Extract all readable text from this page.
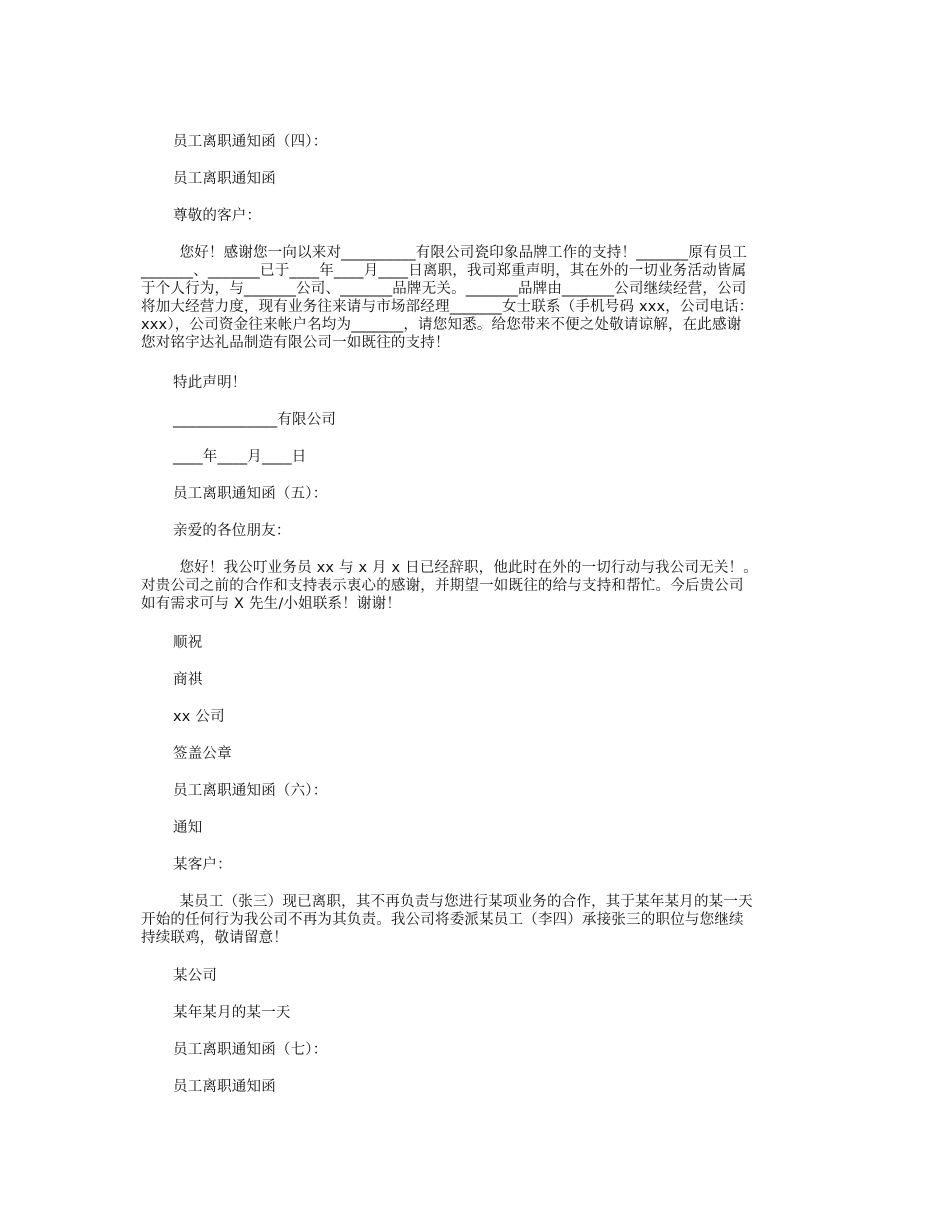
员工离职通知函（四）：
员工离职通知函
尊敬的客户：
您好！感谢您一向以来对__________有限公司瓷印象品牌工作的支持！_______原有员工
_______、_______已于____年____月____日离职，我司郑重声明，其在外的一切业务活动皆属
于个人行为，与_______公司、_______品牌无关。_______品牌由_______公司继续经营，公司
将加大经营力度，现有业务往来请与市场部经理_______女士联系（手机号码 xxx，公司电话：
xxx），公司资金往来帐户名均为_______，请您知悉。给您带来不便之处敬请谅解，在此感谢
您对铭宇达礼品制造有限公司一如既往的支持！
特此声明！
______________有限公司
____年____月____日
员工离职通知函（五）：
亲爱的各位朋友：
您好！我公叮业务员 xx 与 x 月 x 日已经辞职，他此时在外的一切行动与我公司无关！。
对贵公司之前的合作和支持表示衷心的感谢，并期望一如既往的给与支持和帮忙。今后贵公司
如有需求可与 X 先生/小姐联系！谢谢！
顺祝
商祺
xx 公司
签盖公章
员工离职通知函（六）：
通知
某客户：
某员工（张三）现已离职，其不再负责与您进行某项业务的合作，其于某年某月的某一天
开始的任何行为我公司不再为其负责。我公司将委派某员工（李四）承接张三的职位与您继续
持续联鸡，敬请留意！
某公司
某年某月的某一天
员工离职通知函（七）：
员工离职通知函
